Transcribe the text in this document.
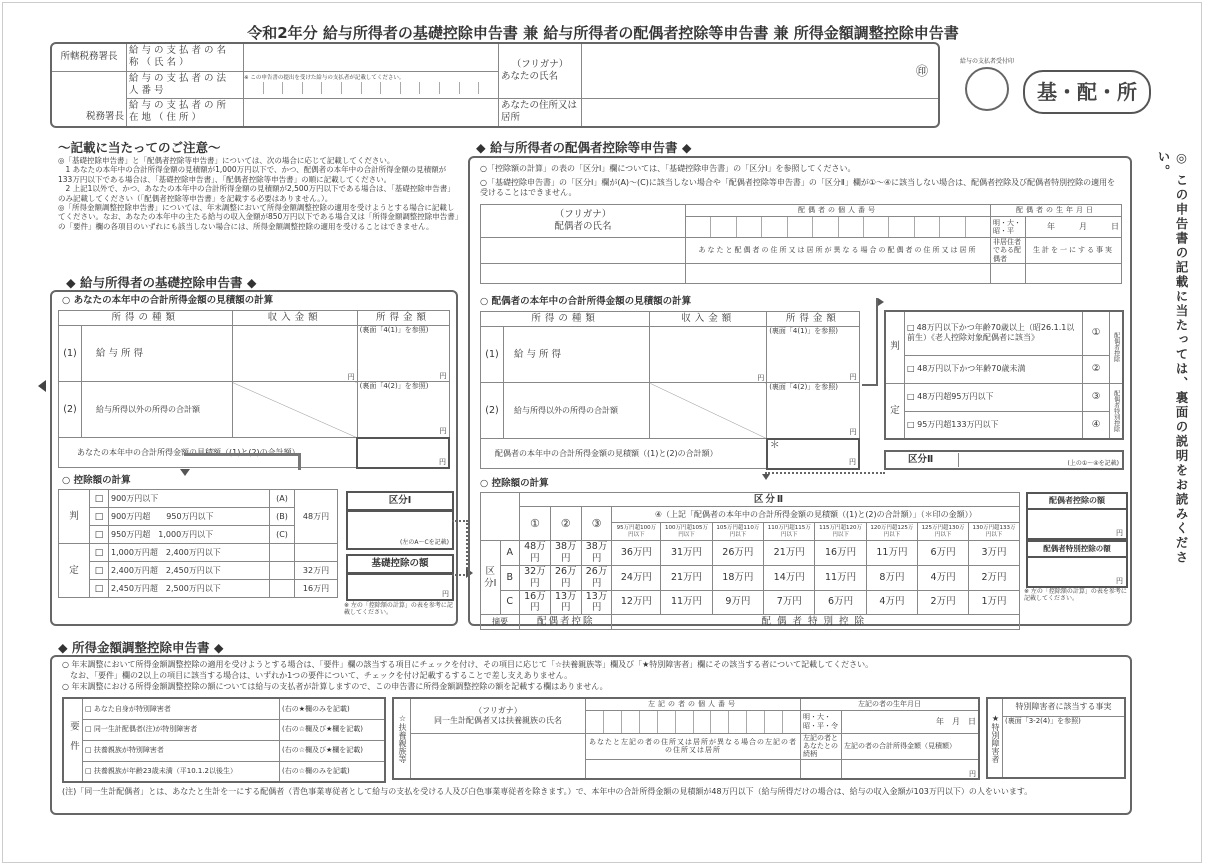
令和2年分 給与所得者の基礎控除申告書 兼 給与所得者の配偶者控除等申告書 兼 所得金額調整控除申告書
所轄税務署長	給与の支払者の名称（氏名）		（フリガナ）
あなたの氏名	㊞
税務署長	給与の支払者の法人番号	※ この申告書の提出を受けた給与の支払者が記載してください。		

	給与の支払者の所在地（住所）		あなたの住所又は居所	
給与の支払者受付印
基・配・所
〜記載に当たってのご注意〜
◎「基礎控除申告書」と「配偶者控除等申告書」については、次の場合に応じて記載してください。
　1 あなたの本年中の合計所得金額の見積額が1,000万円以下で、かつ、配偶者の本年中の合計所得金額の見積額が133万円以下である場合は、「基礎控除申告書」、「配偶者控除等申告書」の順に記載してください。
　2 上記1以外で、かつ、あなたの本年中の合計所得金額の見積額が2,500万円以下である場合は、「基礎控除申告書」のみ記載してください（「配偶者控除等申告書」を記載する必要はありません。）。
◎「所得金額調整控除申告書」については、年末調整において所得金額調整控除の適用を受けようとする場合に記載してください。なお、あなたの本年中の主たる給与の収入金額が850万円以下である場合又は「所得金額調整控除申告書」の「要件」欄の各項目のいずれにも該当しない場合には、所得金額調整控除の適用を受けることはできません。
◆ 給与所得者の基礎控除申告書 ◆
○ あなたの本年中の合計所得金額の見積額の計算
所得の種類		収入金額	所得金額
(1)	給与所得	円	(裏面「4(1)」を参照)
円

(2)	給与所得以外の所得の合計額		(裏面「4(2)」を参照)
円

あなたの本年中の合計所得金額の見積額（(1)と(2)の合計額）			円
○ 控除額の計算
判	□	900万円以下	(A)	48万円
	□	900万円超　　950万円以下	(B)	
	□	950万円超　1,000万円以下	(C)	
定	□	1,000万円超　2,400万円以下		
	□	2,400万円超　2,450万円以下		32万円
	□	2,450万円超　2,500万円以下		16万円
区分Ⅰ
(左のA〜Cを記載)
基礎控除の額
円
※ 左の「控除額の計算」の表を参考に記載してください。
◆ 給与所得者の配偶者控除等申告書 ◆
○「控除額の計算」の表の「区分Ⅰ」欄については、「基礎控除申告書」の「区分Ⅰ」を参照してください。
○「基礎控除申告書」の「区分Ⅰ」欄が(A)〜(C)に該当しない場合や「配偶者控除等申告書」の「区分Ⅱ」欄が①〜④に該当しない場合は、配偶者控除及び配偶者特別控除の適用を受けることはできません。
（フリガナ）
配偶者の氏名	配偶者の個人番号	配偶者の生年月日	

		明・大・昭・平	年　　　月　　　日
	あなたと配偶者の住所又は居所が異なる場合の配偶者の住所又は居所	非居住者である配偶者	生計を一にする事実

○ 配偶者の本年中の合計所得金額の見積額の計算
所得の種類		収入金額	所得金額
(1)	給与所得	円	(裏面「4(1)」を参照)
円

(2)	給与所得以外の所得の合計額		(裏面「4(2)」を参照)
円

配偶者の本年中の合計所得金額の見積額（(1)と(2)の合計額）			＊
円
判	□ 48万円以下かつ年齢70歳以上（昭26.1.1以前生）《老人控除対象配偶者に該当》	①	配偶者控除
	□ 48万円以下かつ年齢70歳未満	②	
定	□ 48万円超95万円以下	③	配偶者特別控除
	□ 95万円超133万円以下	④	
区分Ⅱ	(上の①〜④を記載)
○ 控除額の計算
		区分Ⅱ										
		①	②	③	④（上記「配偶者の本年中の合計所得金額の見積額（(1)と(2)の合計額）」（＊印の金額））							
					95万円超100万円以下	100万円超105万円以下	105万円超110万円以下	110万円超115万円以下	115万円超120万円以下	120万円超125万円以下	125万円超130万円以下	130万円超133万円以下
区分Ⅰ	A	48万円	38万円	38万円	36万円	31万円	26万円	21万円	16万円	11万円	6万円	3万円
	B	32万円	26万円	26万円	24万円	21万円	18万円	14万円	11万円	8万円	4万円	2万円
	C	16万円	13万円	13万円	12万円	11万円	9万円	7万円	6万円	4万円	2万円	1万円
摘要		配偶者控除			配偶者特別控除							
配偶者控除の額
円
配偶者特別控除の額
円
※ 左の「控除額の計算」の表を参考に記載してください。
◎ この申告書の記載に当たっては、裏面の説明をお読みください。
◆ 所得金額調整控除申告書 ◆
○ 年末調整において所得金額調整控除の適用を受けようとする場合は、「要件」欄の該当する項目にチェックを付け、その項目に応じて「☆扶養親族等」欄及び「★特別障害者」欄にその該当する者について記載してください。
　なお、「要件」欄の2以上の項目に該当する場合は、いずれか1つの要件について、チェックを付け記載するすることで差し支えありません。
○ 年末調整における所得金額調整控除の額については給与の支払者が計算しますので、この申告書に所得金額調整控除の額を記載する欄はありません。
要件	□ あなた自身が特別障害者	(右の★欄のみを記載)
	□ 同一生計配偶者(注)が特別障害者	(右の☆欄及び★欄を記載)
	□ 扶養親族が特別障害者	(右の☆欄及び★欄を記載)
	□ 扶養親族が年齢23歳未満（平10.1.2以後生）	(右の☆欄のみを記載)
☆扶養親族等	（フリガナ）
同一生計配偶者又は扶養親族の氏名	左記の者の個人番号	左記の者の生年月日	

			明・大・昭・平・令	年　月　日
		あなたと左記の者の住所又は居所が異なる場合の左記の者の住所又は居所	左記の者とあなたとの続柄	左記の者の合計所得金額（見積額）
				円
★特別障害者	特別障害者に該当する事実
(裏面「3-2(4)」を参照)
(注)「同一生計配偶者」とは、あなたと生計を一にする配偶者（青色事業専従者として給与の支払を受ける人及び白色事業専従者を除きます。）で、本年中の合計所得金額の見積額が48万円以下（給与所得だけの場合は、給与の収入金額が103万円以下）の人をいいます。
